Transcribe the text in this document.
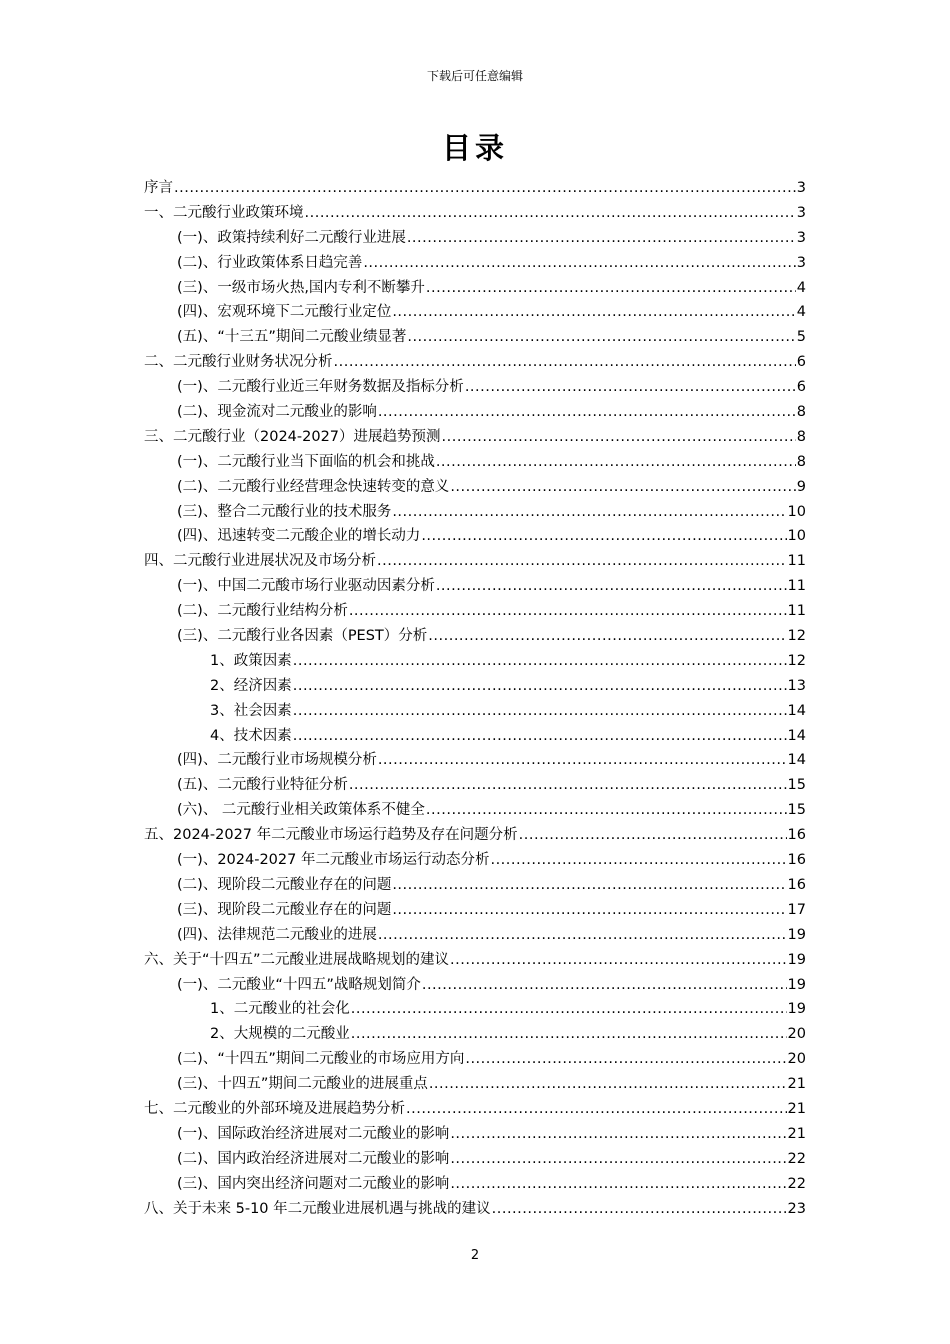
下载后可任意编辑
目录
序言 .....	3
一、二元酸行业政策环境 .....	3
(一)、政策持续利好二元酸行业进展 .....	3
(二)、行业政策体系日趋完善 .....	3
(三)、一级市场火热,国内专利不断攀升 .....	4
(四)、宏观环境下二元酸行业定位 .....	4
(五)、“十三五”期间二元酸业绩显著 .....	5
二、二元酸行业财务状况分析 .....	6
(一)、二元酸行业近三年财务数据及指标分析 .....	6
(二)、现金流对二元酸业的影响 .....	8
三、二元酸行业（2024-2027）进展趋势预测 .....	8
(一)、二元酸行业当下面临的机会和挑战 .....	8
(二)、二元酸行业经营理念快速转变的意义 .....	9
(三)、整合二元酸行业的技术服务 .....	10
(四)、迅速转变二元酸企业的增长动力 .....	10
四、二元酸行业进展状况及市场分析 .....	11
(一)、中国二元酸市场行业驱动因素分析 .....	11
(二)、二元酸行业结构分析 .....	11
(三)、二元酸行业各因素（PEST）分析 .....	12
1、政策因素 .....	12
2、经济因素 .....	13
3、社会因素 .....	14
4、技术因素 .....	14
(四)、二元酸行业市场规模分析 .....	14
(五)、二元酸行业特征分析 .....	15
(六)、 二元酸行业相关政策体系不健全 .....	15
五、2024-2027 年二元酸业市场运行趋势及存在问题分析 .....	16
(一)、2024-2027 年二元酸业市场运行动态分析 .....	16
(二)、现阶段二元酸业存在的问题 .....	16
(三)、现阶段二元酸业存在的问题 .....	17
(四)、法律规范二元酸业的进展 .....	19
六、关于“十四五”二元酸业进展战略规划的建议 .....	19
(一)、二元酸业“十四五”战略规划简介 .....	19
1、二元酸业的社会化 .....	19
2、大规模的二元酸业 .....	20
(二)、“十四五”期间二元酸业的市场应用方向 .....	20
(三)、十四五”期间二元酸业的进展重点 .....	21
七、二元酸业的外部环境及进展趋势分析 .....	21
(一)、国际政治经济进展对二元酸业的影响 .....	21
(二)、国内政治经济进展对二元酸业的影响 .....	22
(三)、国内突出经济问题对二元酸业的影响 .....	22
八、关于未来 5-10 年二元酸业进展机遇与挑战的建议 .....	23
2
